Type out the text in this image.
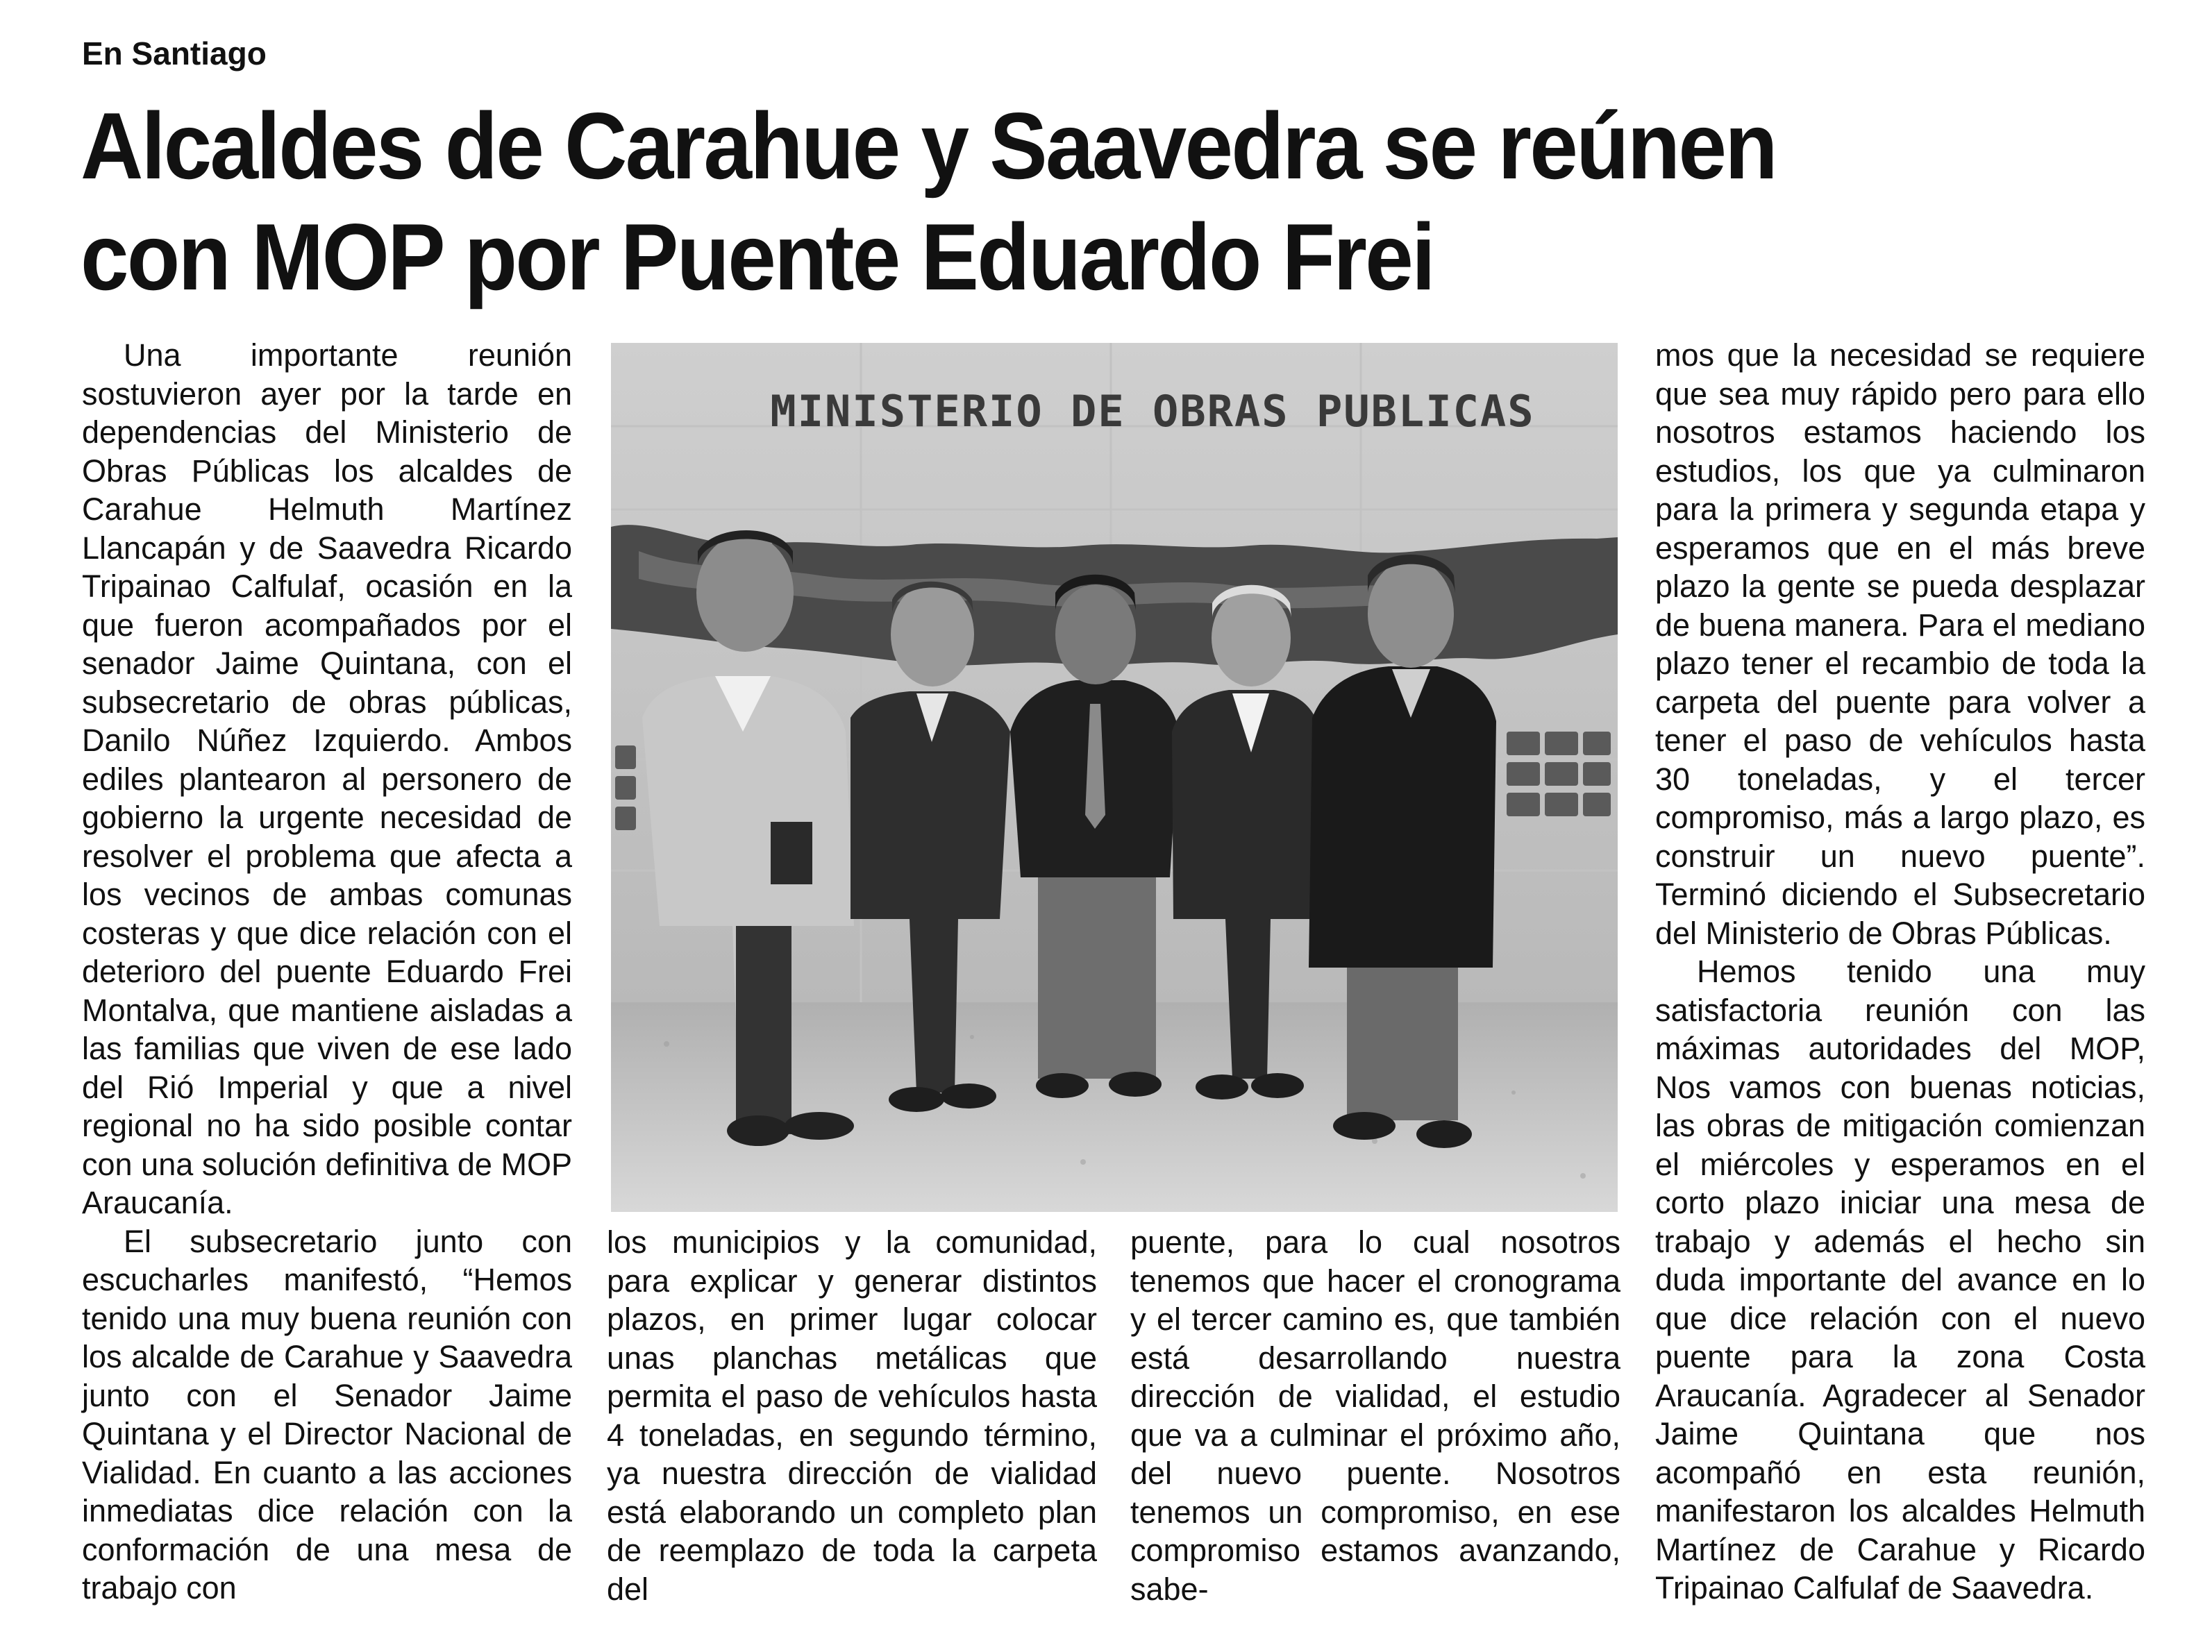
En Santiago
Alcaldes de Carahue y Saavedra se reúnen
con MOP por Puente Eduardo Frei

Una importante reunión sostuvieron ayer por la tarde en dependencias del Ministerio de Obras Públicas los alcaldes de Carahue Helmuth Martínez Llancapán y de Saavedra Ricardo Tripainao Calfulaf, ocasión en la que fueron acompañados por el senador Jaime Quintana, con el subsecretario de obras públicas, Danilo Núñez Izquierdo. Ambos ediles plantearon al personero de gobierno la urgente necesidad de resolver el problema que afecta a los vecinos de ambas comunas costeras y que dice relación con el deterioro del puente Eduardo Frei Montalva, que mantiene aisladas a las familias que viven de ese lado del Rió Imperial y que a nivel regional no ha sido posible contar con una solución definitiva de MOP Araucanía.

El subsecretario junto con escucharles manifestó, “Hemos tenido una muy buena reunión con los alcalde de Carahue y Saavedra junto con el Senador Jaime Quintana y el Director Nacional de Vialidad. En cuanto a las acciones inmediatas dice relación con la conformación de una mesa de trabajo con

MINISTERIO DE OBRAS PUBLICAS

los municipios y la comunidad, para explicar y generar distintos plazos, en primer lugar colocar unas planchas metálicas que permita el paso de vehículos hasta 4 toneladas, en segundo término, ya nuestra dirección de vialidad está elaborando un completo plan de reemplazo de toda la carpeta del

puente, para lo cual nosotros tenemos que hacer el cronograma y el tercer camino es, que también está desarrollando nuestra dirección de vialidad, el estudio que va a culminar el próximo año, del nuevo puente. Nosotros tenemos un compromiso, en ese compromiso estamos avanzando, sabe-

mos que la necesidad se requiere que sea muy rápido pero para ello nosotros estamos haciendo los estudios, los que ya culminaron para la primera y segunda etapa y esperamos que en el más breve plazo la gente se pueda desplazar de buena manera. Para el mediano plazo tener el recambio de toda la carpeta del puente para volver a tener el paso de vehículos hasta 30 toneladas, y el tercer compromiso, más a largo plazo, es construir un nuevo puente”. Terminó diciendo el Subsecretario del Ministerio de Obras Públicas.

Hemos tenido una muy satisfactoria reunión con las máximas autoridades del MOP, Nos vamos con buenas noticias, las obras de mitigación comienzan el miércoles y esperamos en el corto plazo iniciar una mesa de trabajo y además el hecho sin duda importante del avance en lo que dice relación con el nuevo puente para la zona Costa Araucanía. Agradecer al Senador Jaime Quintana que nos acompañó en esta reunión, manifestaron los alcaldes Helmuth Martínez de Carahue y Ricardo Tripainao Calfulaf de Saavedra.
